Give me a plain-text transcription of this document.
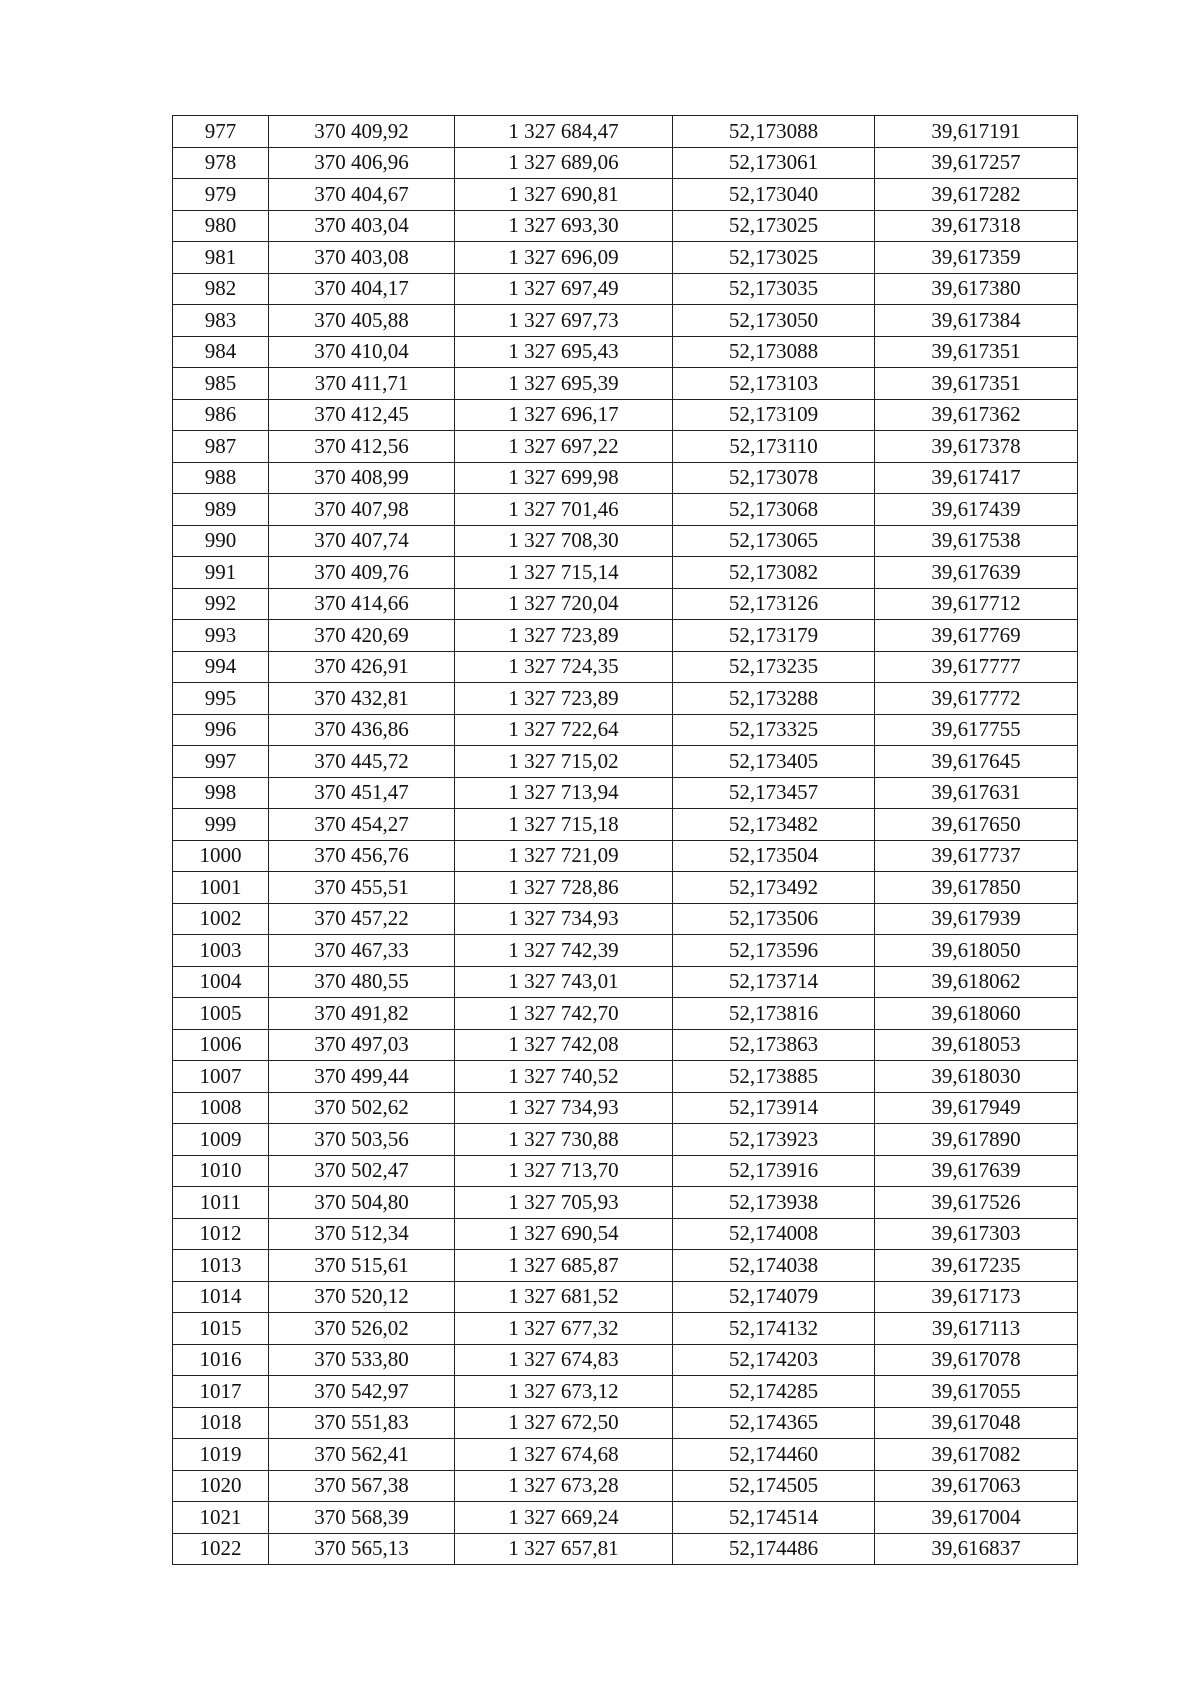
977	370 409,92	1 327 684,47	52,173088	39,617191
978	370 406,96	1 327 689,06	52,173061	39,617257
979	370 404,67	1 327 690,81	52,173040	39,617282
980	370 403,04	1 327 693,30	52,173025	39,617318
981	370 403,08	1 327 696,09	52,173025	39,617359
982	370 404,17	1 327 697,49	52,173035	39,617380
983	370 405,88	1 327 697,73	52,173050	39,617384
984	370 410,04	1 327 695,43	52,173088	39,617351
985	370 411,71	1 327 695,39	52,173103	39,617351
986	370 412,45	1 327 696,17	52,173109	39,617362
987	370 412,56	1 327 697,22	52,173110	39,617378
988	370 408,99	1 327 699,98	52,173078	39,617417
989	370 407,98	1 327 701,46	52,173068	39,617439
990	370 407,74	1 327 708,30	52,173065	39,617538
991	370 409,76	1 327 715,14	52,173082	39,617639
992	370 414,66	1 327 720,04	52,173126	39,617712
993	370 420,69	1 327 723,89	52,173179	39,617769
994	370 426,91	1 327 724,35	52,173235	39,617777
995	370 432,81	1 327 723,89	52,173288	39,617772
996	370 436,86	1 327 722,64	52,173325	39,617755
997	370 445,72	1 327 715,02	52,173405	39,617645
998	370 451,47	1 327 713,94	52,173457	39,617631
999	370 454,27	1 327 715,18	52,173482	39,617650
1000	370 456,76	1 327 721,09	52,173504	39,617737
1001	370 455,51	1 327 728,86	52,173492	39,617850
1002	370 457,22	1 327 734,93	52,173506	39,617939
1003	370 467,33	1 327 742,39	52,173596	39,618050
1004	370 480,55	1 327 743,01	52,173714	39,618062
1005	370 491,82	1 327 742,70	52,173816	39,618060
1006	370 497,03	1 327 742,08	52,173863	39,618053
1007	370 499,44	1 327 740,52	52,173885	39,618030
1008	370 502,62	1 327 734,93	52,173914	39,617949
1009	370 503,56	1 327 730,88	52,173923	39,617890
1010	370 502,47	1 327 713,70	52,173916	39,617639
1011	370 504,80	1 327 705,93	52,173938	39,617526
1012	370 512,34	1 327 690,54	52,174008	39,617303
1013	370 515,61	1 327 685,87	52,174038	39,617235
1014	370 520,12	1 327 681,52	52,174079	39,617173
1015	370 526,02	1 327 677,32	52,174132	39,617113
1016	370 533,80	1 327 674,83	52,174203	39,617078
1017	370 542,97	1 327 673,12	52,174285	39,617055
1018	370 551,83	1 327 672,50	52,174365	39,617048
1019	370 562,41	1 327 674,68	52,174460	39,617082
1020	370 567,38	1 327 673,28	52,174505	39,617063
1021	370 568,39	1 327 669,24	52,174514	39,617004
1022	370 565,13	1 327 657,81	52,174486	39,616837
